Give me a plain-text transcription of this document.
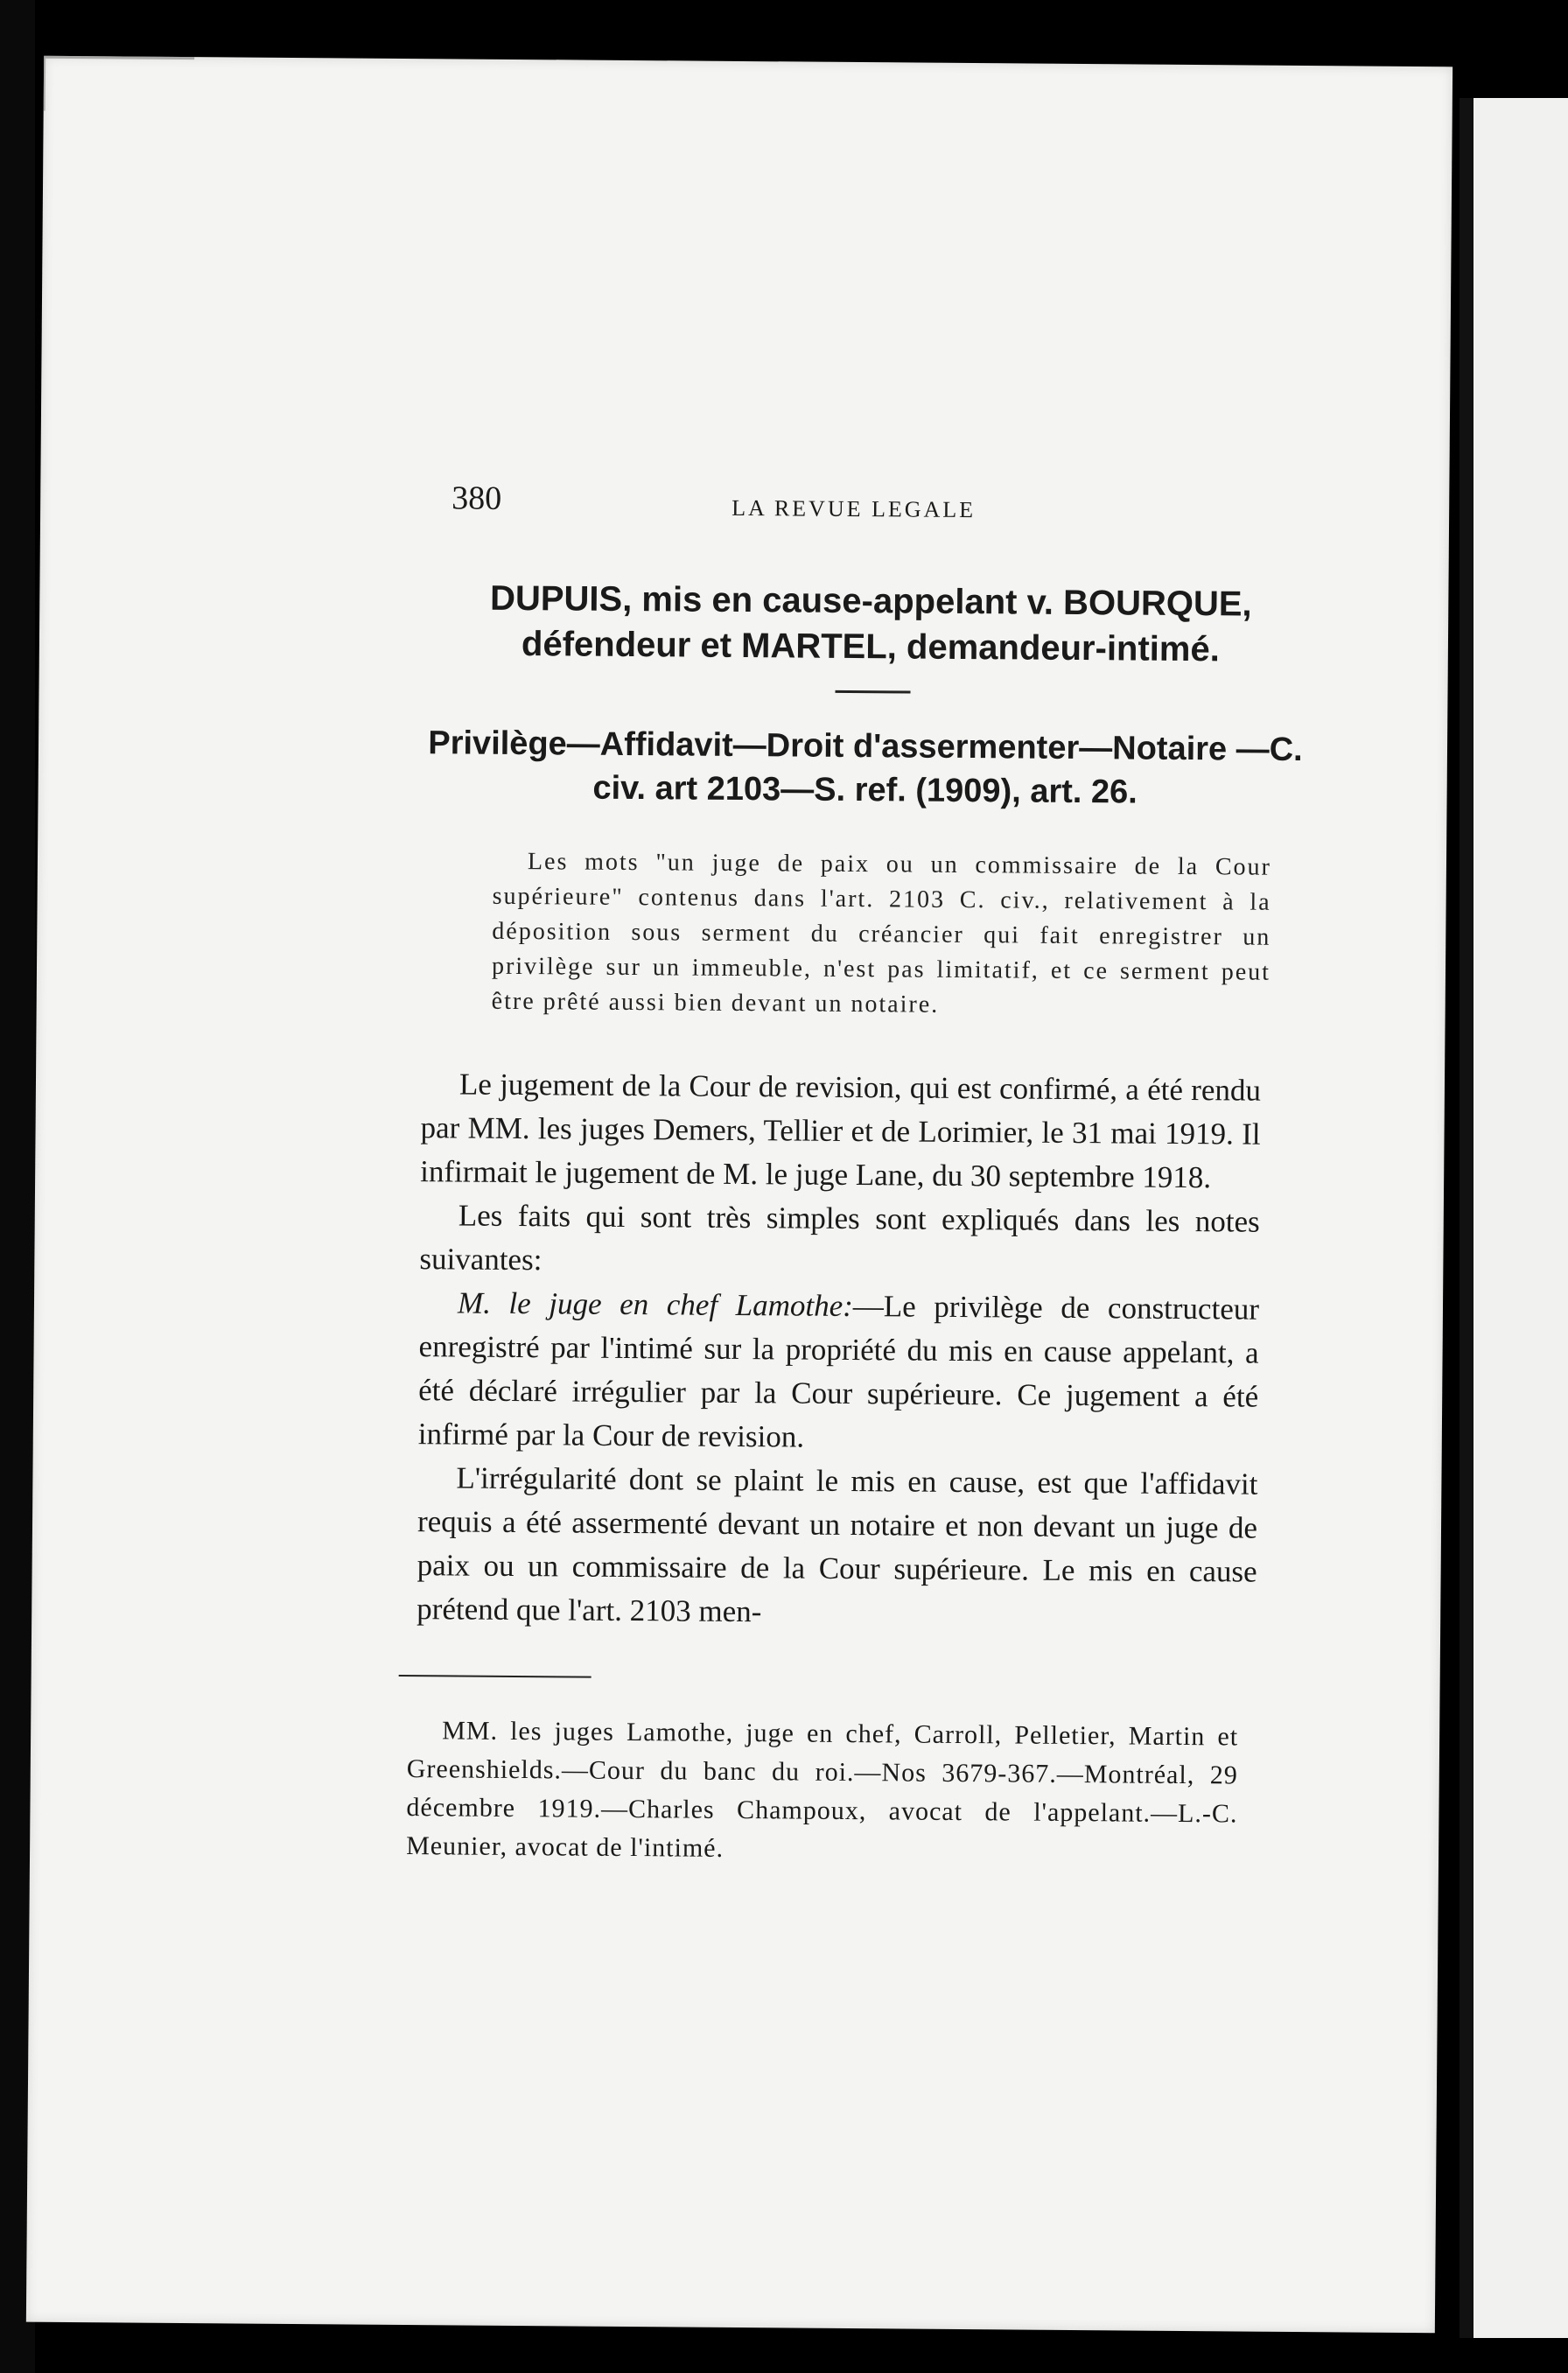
380	LA REVUE LEGALE
DUPUIS, mis en cause-appelant v. BOURQUE, défendeur et MARTEL, demandeur-intimé.
Privilège—Affidavit—Droit d'assermenter—Notaire —C. civ. art 2103—S. ref. (1909), art. 26.
Les mots "un juge de paix ou un commissaire de la Cour supérieure" contenus dans l'art. 2103 C. civ., relativement à la déposition sous serment du créancier qui fait enregistrer un privilège sur un immeuble, n'est pas limitatif, et ce serment peut être prêté aussi bien devant un notaire.

Le jugement de la Cour de revision, qui est confirmé, a été rendu par MM. les juges Demers, Tellier et de Lorimier, le 31 mai 1919. Il infirmait le jugement de M. le juge Lane, du 30 septembre 1918.

Les faits qui sont très simples sont expliqués dans les notes suivantes:

M. le juge en chef Lamothe:—Le privilège de constructeur enregistré par l'intimé sur la propriété du mis en cause appelant, a été déclaré irrégulier par la Cour supérieure. Ce jugement a été infirmé par la Cour de revision.

L'irrégularité dont se plaint le mis en cause, est que l'affidavit requis a été assermenté devant un notaire et non devant un juge de paix ou un commissaire de la Cour supérieure. Le mis en cause prétend que l'art. 2103 men-

MM. les juges Lamothe, juge en chef, Carroll, Pelletier, Martin et Greenshields.—Cour du banc du roi.—Nos 3679-367.—Montréal, 29 décembre 1919.—Charles Champoux, avocat de l'appelant.—L.-C. Meunier, avocat de l'intimé.
